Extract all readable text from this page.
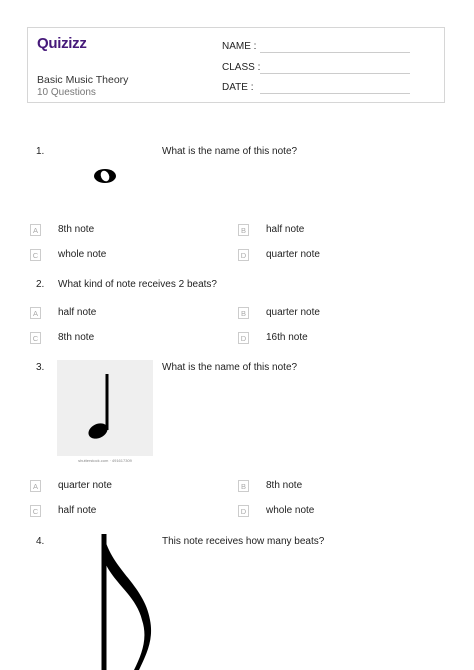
Quizizz
Basic Music Theory
10 Questions
NAME :
CLASS :
DATE :
1.	What is the name of this note?
A	8th note	B	half note
C whole note	D quarter note
2. What kind of note receives 2 beats?
A	half note	B	quarter note
C 8th note	D 16th note
3.	What is the name of this note?
shutterstock.com · 491617309
A	quarter note	B	8th note
C half note	D whole note
4.	This note receives how many beats?
